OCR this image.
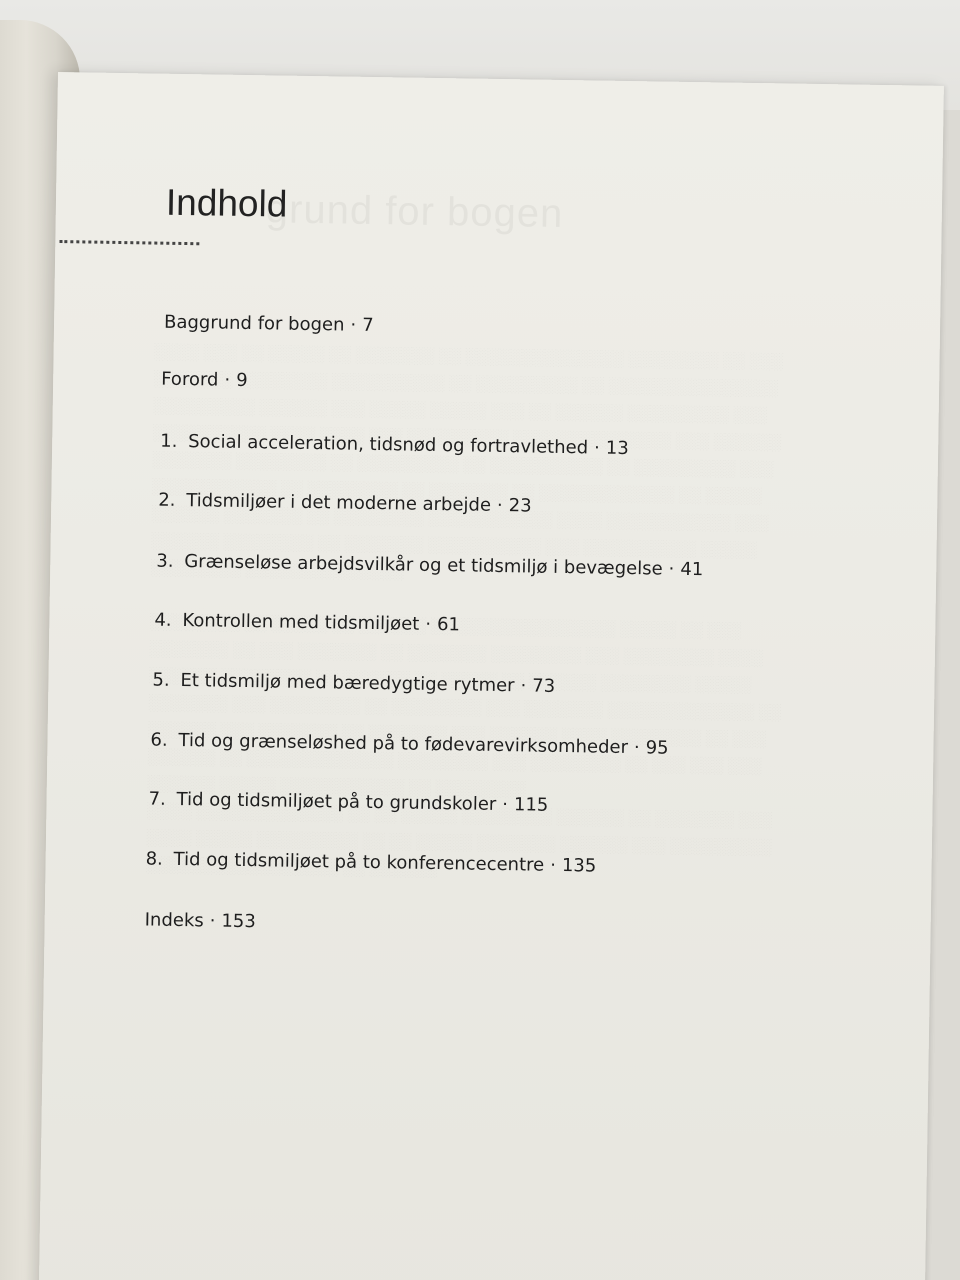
grund for bogen

Indhold
Baggrund for bogen · 7
Forord · 9
1. Social acceleration, tidsnød og fortravlethed · 13
2. Tidsmiljøer i det moderne arbejde · 23
3. Grænseløse arbejdsvilkår og et tidsmiljø i bevægelse · 41
4. Kontrollen med tidsmiljøet · 61
5. Et tidsmiljø med bæredygtige rytmer · 73
6. Tid og grænseløshed på to fødevarevirksomheder · 95
7. Tid og tidsmiljøet på to grundskoler · 115
8. Tid og tidsmiljøet på to konferencecentre · 135
Indeks · 153
